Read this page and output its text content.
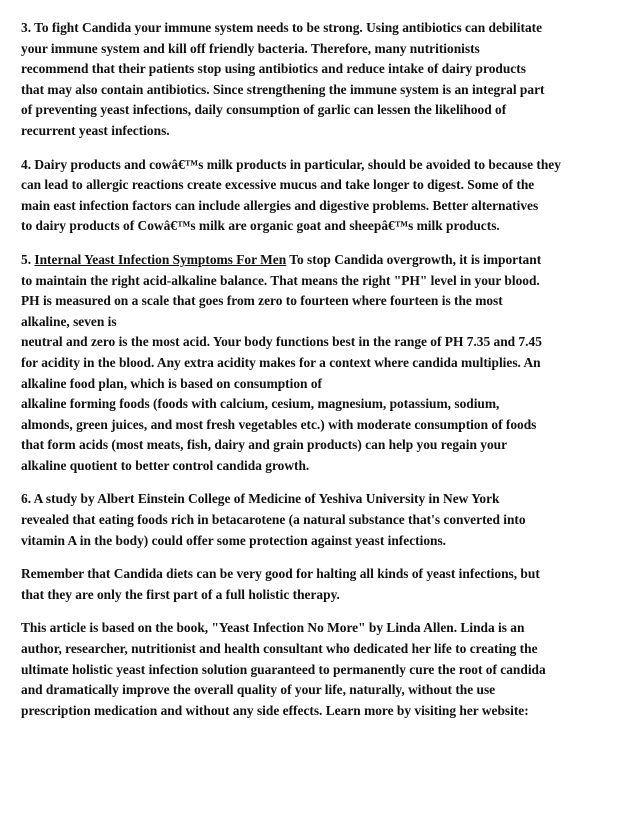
3. To fight Candida your immune system needs to be strong. Using antibiotics can debilitate
your immune system and kill off friendly bacteria. Therefore, many nutritionists
recommend that their patients stop using antibiotics and reduce intake of dairy products
that may also contain antibiotics. Since strengthening the immune system is an integral part
of preventing yeast infections, daily consumption of garlic can lessen the likelihood of
recurrent yeast infections.

4. Dairy products and cowâ€™s milk products in particular, should be avoided to because they
can lead to allergic reactions create excessive mucus and take longer to digest. Some of the
main east infection factors can include allergies and digestive problems. Better alternatives
to dairy products of Cowâ€™s milk are organic goat and sheepâ€™s milk products.

5. Internal Yeast Infection Symptoms For Men To stop Candida overgrowth, it is important
to maintain the right acid-alkaline balance. That means the right "PH" level in your blood.
PH is measured on a scale that goes from zero to fourteen where fourteen is the most
alkaline, seven is
neutral and zero is the most acid. Your body functions best in the range of PH 7.35 and 7.45
for acidity in the blood. Any extra acidity makes for a context where candida multiplies. An
alkaline food plan, which is based on consumption of
alkaline forming foods (foods with calcium, cesium, magnesium, potassium, sodium,
almonds, green juices, and most fresh vegetables etc.) with moderate consumption of foods
that form acids (most meats, fish, dairy and grain products) can help you regain your
alkaline quotient to better control candida growth.

6. A study by Albert Einstein College of Medicine of Yeshiva University in New York
revealed that eating foods rich in betacarotene (a natural substance that's converted into
vitamin A in the body) could offer some protection against yeast infections.

Remember that Candida diets can be very good for halting all kinds of yeast infections, but
that they are only the first part of a full holistic therapy.

This article is based on the book, "Yeast Infection No More" by Linda Allen. Linda is an
author, researcher, nutritionist and health consultant who dedicated her life to creating the
ultimate holistic yeast infection solution guaranteed to permanently cure the root of candida
and dramatically improve the overall quality of your life, naturally, without the use
prescription medication and without any side effects. Learn more by visiting her website:
